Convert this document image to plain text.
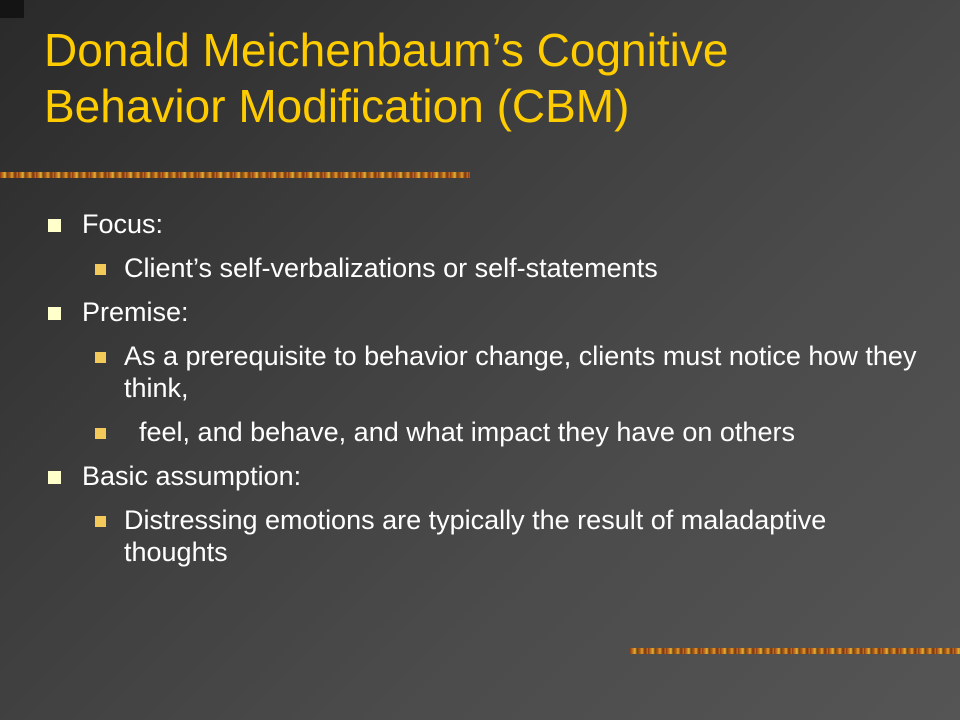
Donald Meichenbaum’s Cognitive
Behavior Modification (CBM)
Focus:
Client’s self-verbalizations or self-statements
Premise:
As a prerequisite to behavior change, clients must notice how they think,
feel, and behave, and what impact they have on others
Basic assumption:
Distressing emotions are typically the result of maladaptive thoughts
